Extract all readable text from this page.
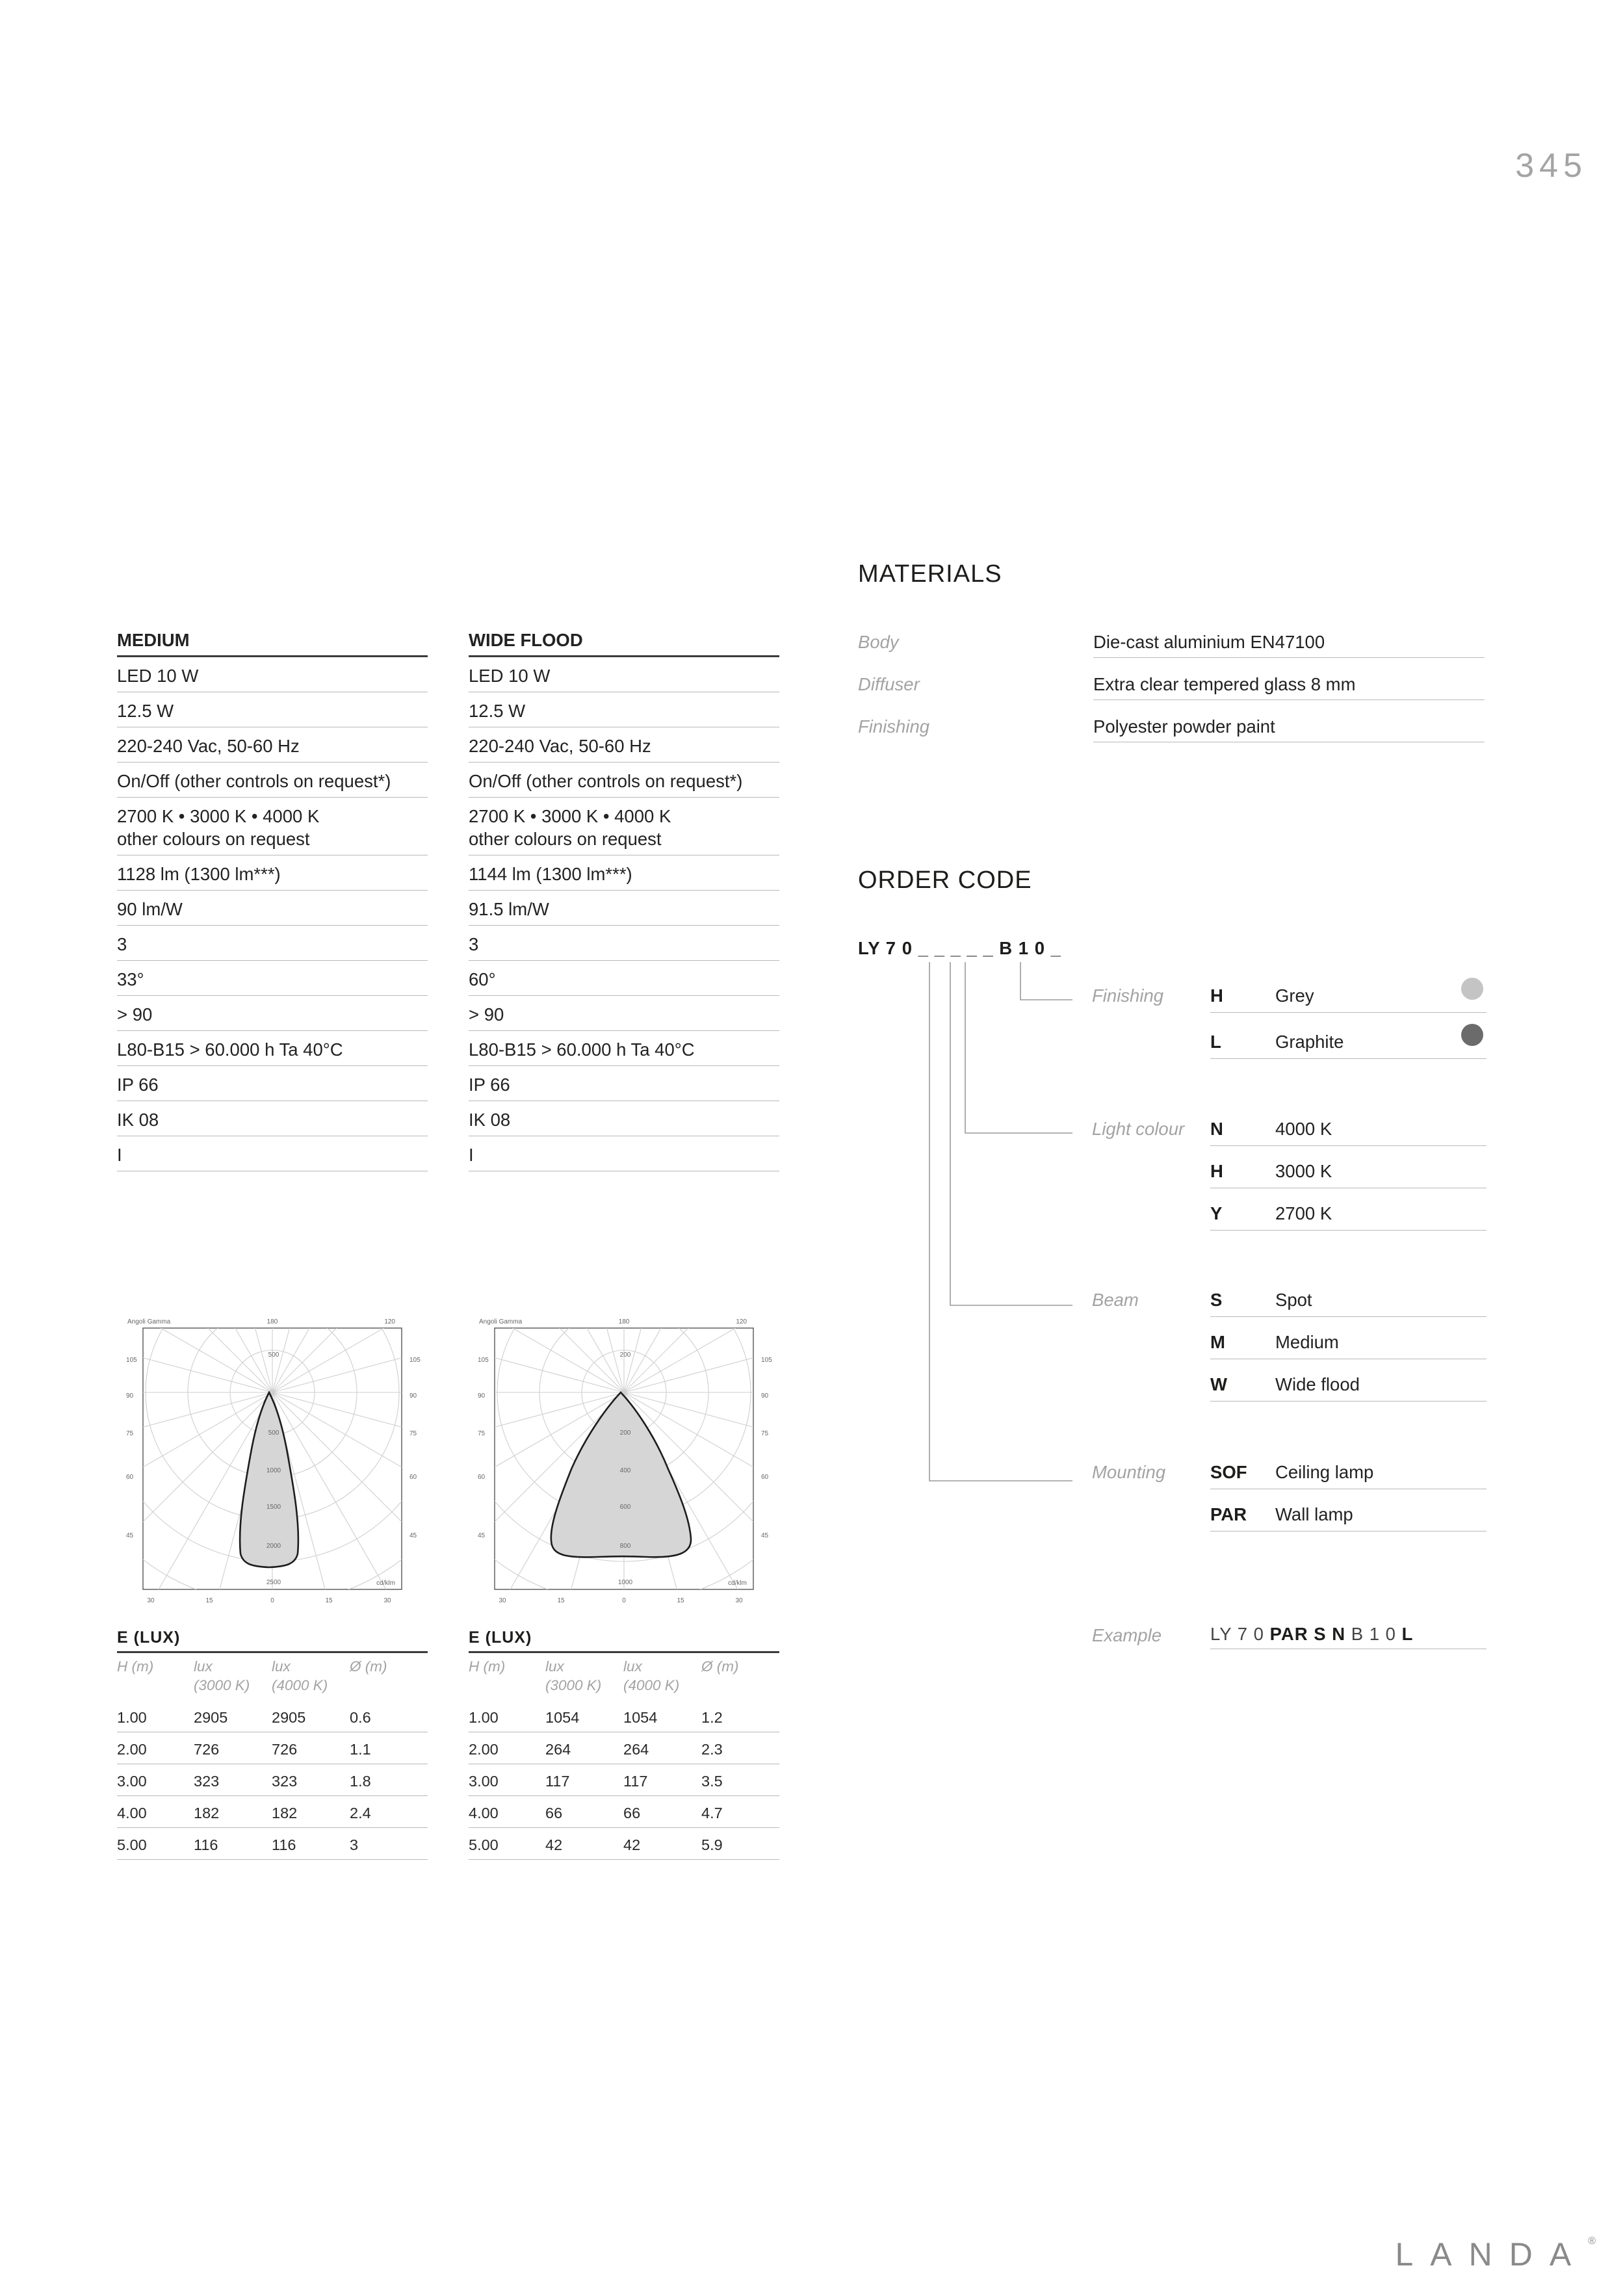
345
MEDIUM
LED 10 W
12.5 W
220-240 Vac, 50-60 Hz
On/Off (other controls on request*)
2700 K • 3000 K • 4000 K
other colours on request
1128 lm (1300 lm***)
90 lm/W
3
33°
> 90
L80-B15 > 60.000 h Ta 40°C
IP 66
IK 08
I
WIDE FLOOD
LED 10 W
12.5 W
220-240 Vac, 50-60 Hz
On/Off (other controls on request*)
2700 K • 3000 K • 4000 K
other colours on request
1144 lm (1300 lm***)
91.5 lm/W
3
60°
> 90
L80-B15 > 60.000 h Ta 40°C
IP 66
IK 08
I
Angoli Gamma	180	120
105	105
90	90
75	75
60	60
45	45
30	15	0	15	30
500
500
1000
1500
2000
2500	cd/klm
Angoli Gamma	180	120
105	105
90	90
75	75
60	60
45	45
30	15	0	15	30
200
200
400
600
800
1000	cd/klm
E (LUX)
H (m)	lux
(3000 K)
lux
(4000 K)
Ø (m)
1.00	2905	2905	0.6
2.00	726	726	1.1
3.00	323	323	1.8
4.00	182	182	2.4
5.00	116	116	3
E (LUX)
H (m)	lux
(3000 K)
lux
(4000 K)
Ø (m)
1.00	1054	1054	1.2
2.00	264	264	2.3
3.00	117	117	3.5
4.00	66	66	4.7
5.00	42	42	5.9
MATERIALS
Body	Die-cast aluminium EN47100
Diffuser	Extra clear tempered glass 8 mm
Finishing	Polyester powder paint
ORDER CODE
LY 7 0 _ _ _ _ _ B 1 0 _
Finishing	H	Grey
L	Graphite
Light colour N	4000 K
H	3000 K
Y	2700 K
Beam	S	Spot
M	Medium
W	Wide flood
Mounting	SOF Ceiling lamp
PAR Wall lamp
Example	LY 7 0 PAR S N B 1 0 L
LANDA®
